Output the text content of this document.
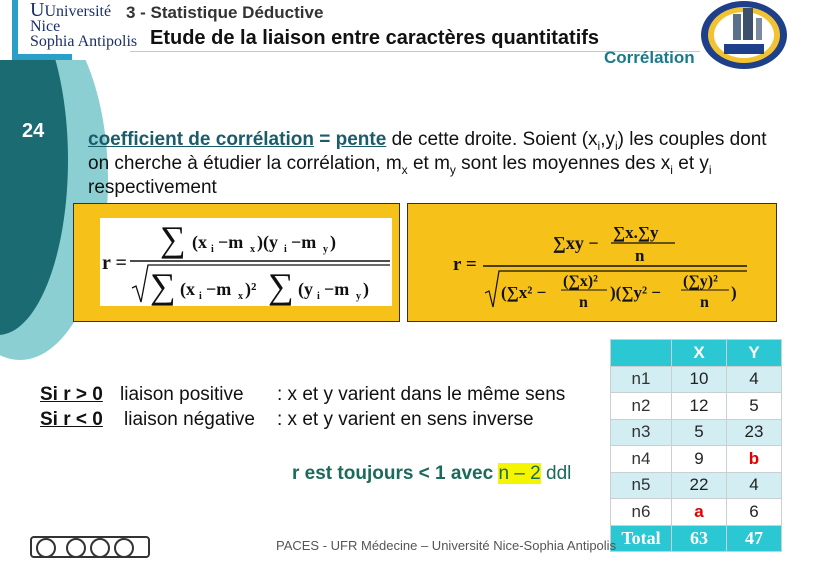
UUniversité
Nice
Sophia Antipolis
3 - Statistique Déductive
Etude de la liaison entre caractères quantitatifs
Corrélation
24 coefficient de corrélation = pente de cette droite. Soient $(x_i,y_i)$ les couples dont on cherche à étudier la corrélation, $m_x$ et $m_y$ sont les moyennes des $x_i$ et $y_i$ respectivement
r =
∑ (x i −m x )(y i −m y )
∑ (x i −m x )² ∑ (y i −m y )
r =
∑xy −
∑x.∑y
n
(∑x² −
(∑x)²
n
)(∑y² −
(∑y)²
n
)
Si r > 0 liaison positive : x et y varient dans le même sens
Si r < 0 liaison négative : x et y varient en sens inverse
r est toujours < 1 avec n – 2 ddl
	X	Y
n1	10	4
n2	12	5
n3	5	23
n4	9	b
n5	22	4
n6	a	6
Total	63	47
PACES - UFR Médecine – Université Nice-Sophia Antipolis
